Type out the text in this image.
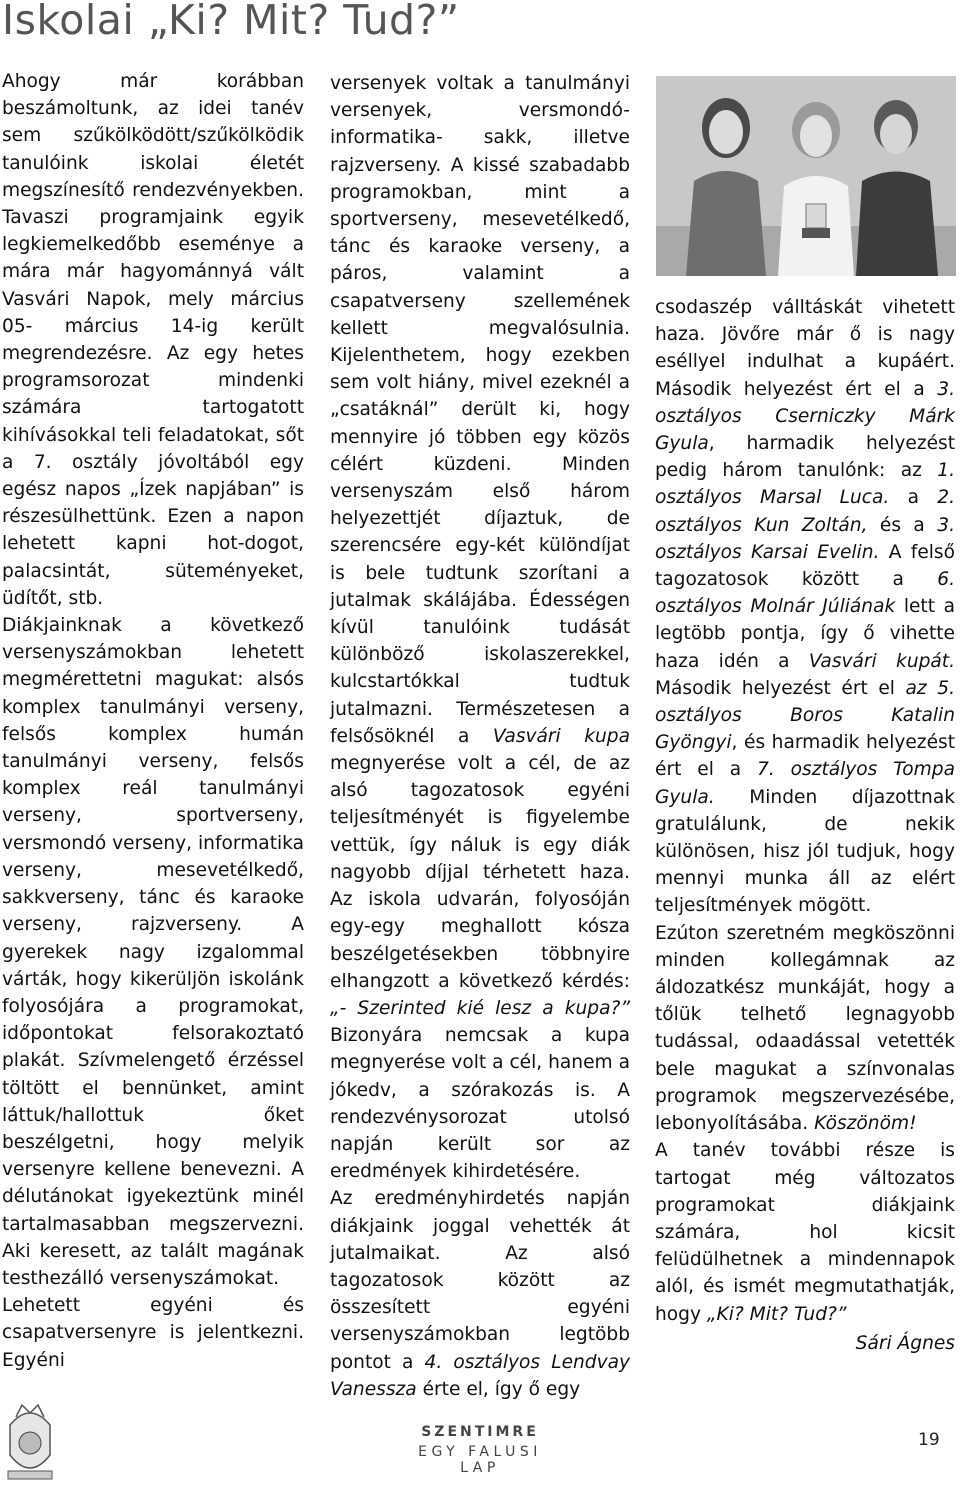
Iskolai „Ki? Mit? Tud?”

Ahogy már korábban beszámoltunk, az idei tanév sem szűkölködött/szűkölködik tanulóink iskolai életét megszínesítő rendezvényekben. Tavaszi programjaink egyik legkiemelkedőbb eseménye a mára már hagyománnyá vált Vasvári Napok, mely március 05- március 14-ig került megrendezésre. Az egy hetes programsorozat mindenki számára tartogatott kihívásokkal teli feladatokat, sőt a 7. osztály jóvoltából egy egész napos „Ízek napjában” is részesülhettünk. Ezen a napon lehetett kapni hot-dogot, palacsintát, süteményeket, üdítőt, stb.

Diákjainknak a következő versenyszámokban lehetett megmérettetni magukat: alsós komplex tanulmányi verseny, felsős komplex humán tanulmányi verseny, felsős komplex reál tanulmányi verseny, sportverseny, versmondó verseny, informatika verseny, mesevetélkedő, sakkverseny, tánc és karaoke verseny, rajzverseny. A gyerekek nagy izgalommal várták, hogy kikerüljön iskolánk folyosójára a programokat, időpontokat felsorakoztató plakát. Szívmelengető érzéssel töltött el bennünket, amint láttuk/hallottuk őket beszélgetni, hogy melyik versenyre kellene benevezni. A délutánokat igyekeztünk minél tartalmasabban megszervezni. Aki keresett, az talált magának testhezálló versenyszámokat.

Lehetett egyéni és csapatversenyre is jelentkezni. Egyéni

versenyek voltak a tanulmányi versenyek, versmondó- informatika- sakk, illetve rajzverseny. A kissé szabadabb programokban, mint a sportverseny, mesevetélkedő, tánc és karaoke verseny, a páros, valamint a csapatverseny szellemének kellett megvalósulnia. Kijelenthetem, hogy ezekben sem volt hiány, mivel ezeknél a „csatáknál” derült ki, hogy mennyire jó többen egy közös célért küzdeni. Minden versenyszám első három helyezettjét díjaztuk, de szerencsére egy-két különdíjat is bele tudtunk szorítani a jutalmak skálájába. Édességen kívül tanulóink tudását különböző iskolaszerekkel, kulcstartókkal tudtuk jutalmazni. Természetesen a felsősöknél a Vasvári kupa megnyerése volt a cél, de az alsó tagozatosok egyéni teljesítményét is figyelembe vettük, így náluk is egy diák nagyobb díjjal térhetett haza. Az iskola udvarán, folyosóján egy-egy meghallott kósza beszélgetésekben többnyire elhangzott a következő kérdés: „- Szerinted kié lesz a kupa?” Bizonyára nemcsak a kupa megnyerése volt a cél, hanem a jókedv, a szórakozás is. A rendezvénysorozat utolsó napján került sor az eredmények kihirdetésére.

Az eredményhirdetés napján diákjaink joggal vehették át jutalmaikat. Az alsó tagozatosok között az összesített egyéni versenyszámokban legtöbb pontot a 4. osztályos Lendvay Vanessza érte el, így ő egy

csodaszép válltáskát vihetett haza. Jövőre már ő is nagy eséllyel indulhat a kupáért. Második helyezést ért el a 3. osztályos Cserniczky Márk Gyula, harmadik helyezést pedig három tanulónk: az 1. osztályos Marsal Luca. a 2. osztályos Kun Zoltán, és a 3. osztályos Karsai Evelin. A felső tagozatosok között a 6. osztályos Molnár Júliának lett a legtöbb pontja, így ő vihette haza idén a Vasvári kupát. Második helyezést ért el az 5. osztályos Boros Katalin Gyöngyi, és harmadik helyezést ért el a 7. osztályos Tompa Gyula. Minden díjazottnak gratulálunk, de nekik különösen, hisz jól tudjuk, hogy mennyi munka áll az elért teljesítmények mögött.

Ezúton szeretném megköszönni minden kollegámnak az áldozatkész munkáját, hogy a tőlük telhető legnagyobb tudással, odaadással vetették bele magukat a színvonalas programok megszervezésébe, lebonyolításába. Köszönöm!

A tanév további része is tartogat még változatos programokat diákjaink számára, hol kicsit felüdülhetnek a mindennapok alól, és ismét megmutathatják, hogy „Ki? Mit? Tud?”

Sári Ágnes

SZENTIMRE
EGY FALUSI LAP
19
